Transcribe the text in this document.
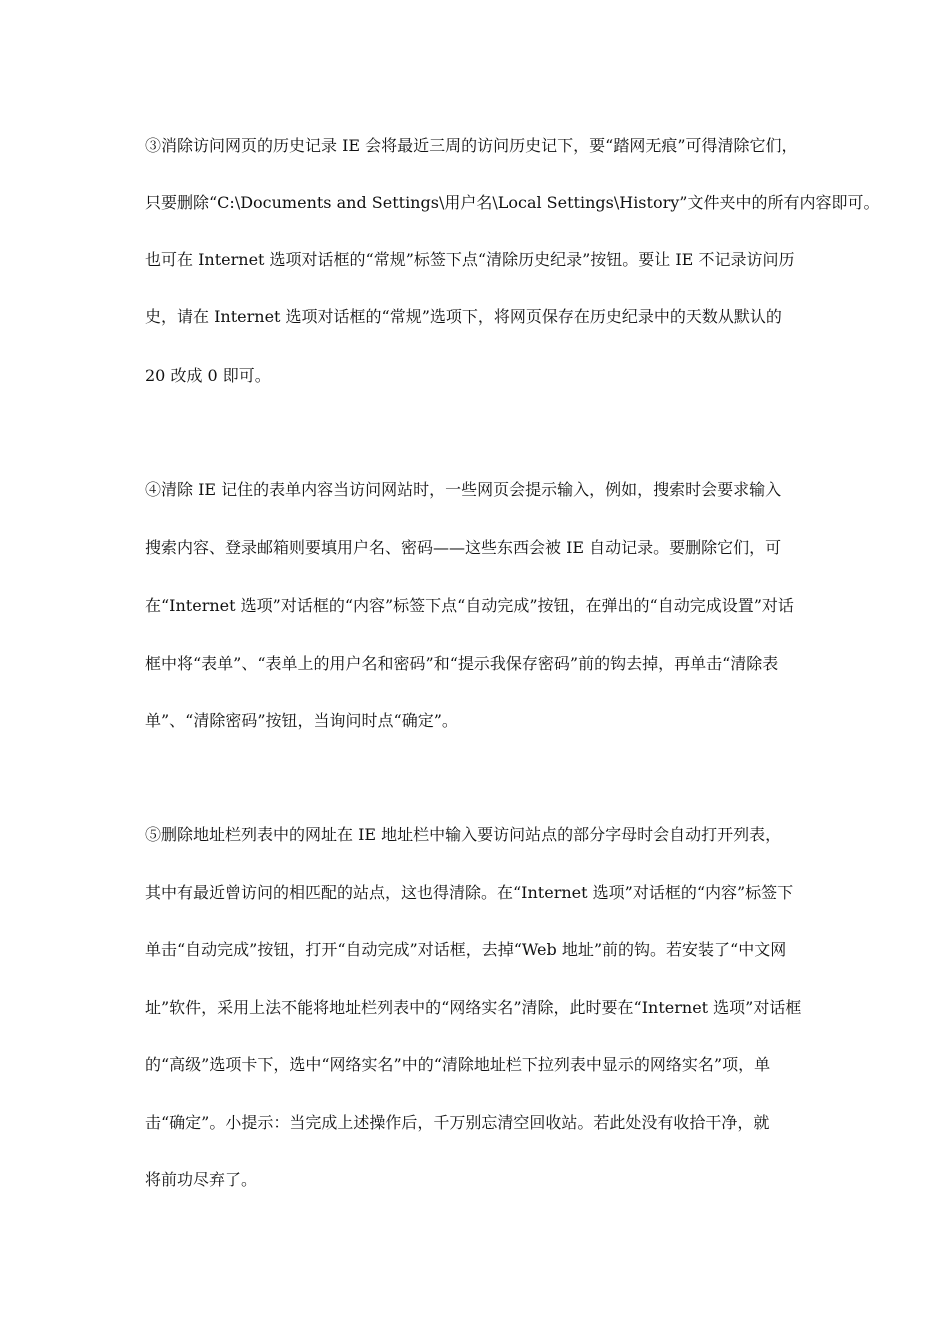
③消除访问网页的历史记录 IE 会将最近三周的访问历史记下，要“踏网无痕”可得清除它们，
只要删除“C:\Documents and Settings\用户名\Local Settings\History”文件夹中的所有内容即可。
也可在 Internet 选项对话框的“常规”标签下点“清除历史纪录”按钮。要让 IE 不记录访问历
史，请在 Internet 选项对话框的“常规”选项下，将网页保存在历史纪录中的天数从默认的
20 改成 0 即可。
④清除 IE 记住的表单内容当访问网站时，一些网页会提示输入，例如，搜索时会要求输入
搜索内容、登录邮箱则要填用户名、密码——这些东西会被 IE 自动记录。要删除它们，可
在“Internet 选项”对话框的“内容”标签下点“自动完成”按钮，在弹出的“自动完成设置”对话
框中将“表单”、“表单上的用户名和密码”和“提示我保存密码”前的钩去掉，再单击“清除表
单”、“清除密码”按钮，当询问时点“确定”。
⑤删除地址栏列表中的网址在 IE 地址栏中输入要访问站点的部分字母时会自动打开列表，
其中有最近曾访问的相匹配的站点，这也得清除。在“Internet 选项”对话框的“内容”标签下
单击“自动完成”按钮，打开“自动完成”对话框，去掉“Web 地址”前的钩。若安装了“中文网
址”软件，采用上法不能将地址栏列表中的“网络实名”清除，此时要在“Internet 选项”对话框
的“高级”选项卡下，选中“网络实名”中的“清除地址栏下拉列表中显示的网络实名”项，单
击“确定”。小提示：当完成上述操作后，千万别忘清空回收站。若此处没有收拾干净，就
将前功尽弃了。
